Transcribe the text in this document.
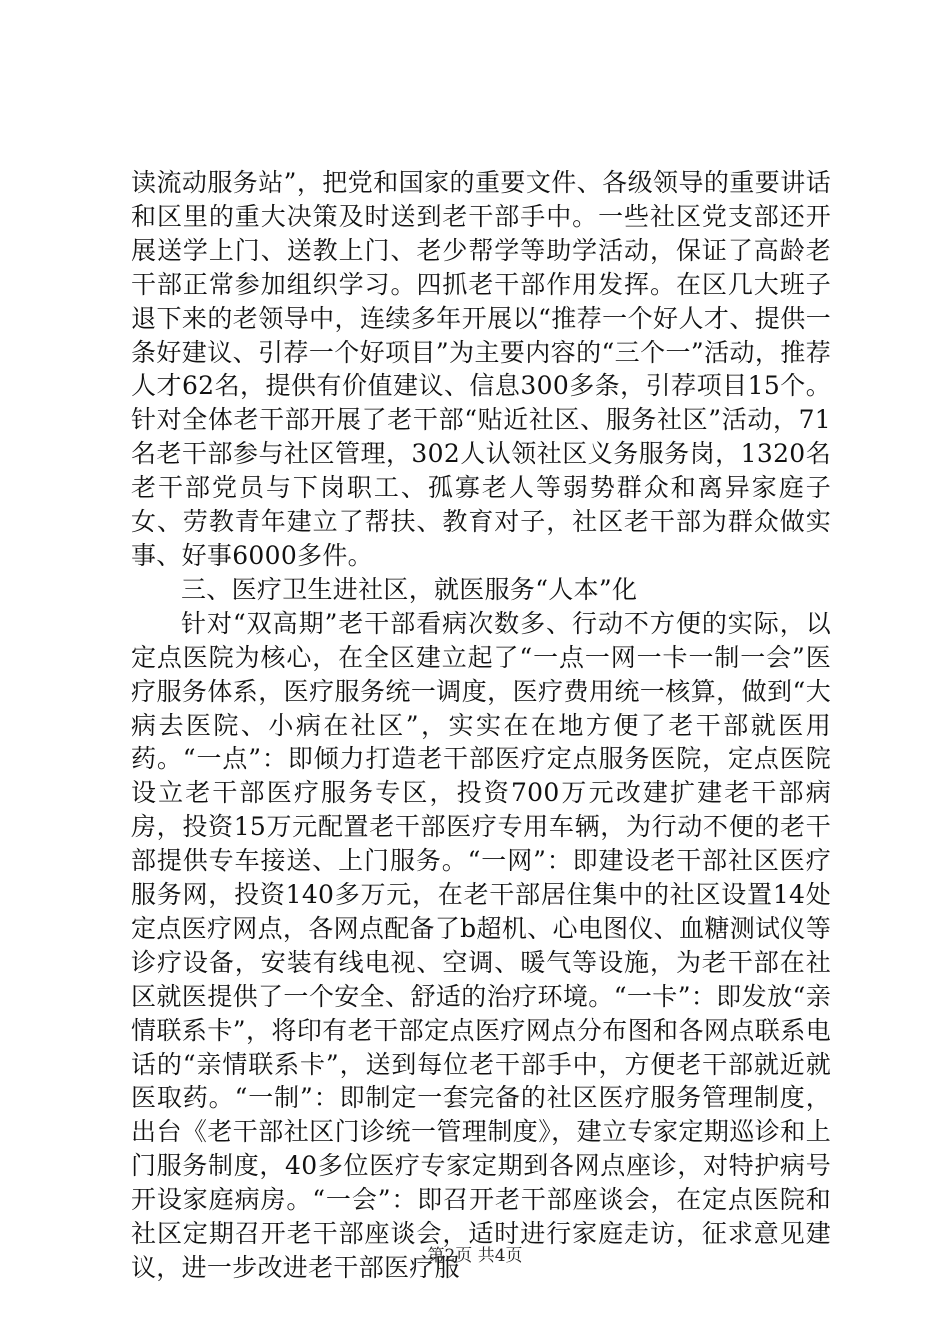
读流动服务站”，把党和国家的重要文件、各级领导的重要讲话和区里的重大决策及时送到老干部手中。一些社区党支部还开展送学上门、送教上门、老少帮学等助学活动，保证了高龄老干部正常参加组织学习。四抓老干部作用发挥。在区几大班子退下来的老领导中，连续多年开展以“推荐一个好人才、提供一条好建议、引荐一个好项目”为主要内容的“三个一”活动，推荐人才62名，提供有价值建议、信息300多条，引荐项目15个。针对全体老干部开展了老干部“贴近社区、服务社区”活动，71名老干部参与社区管理，302人认领社区义务服务岗，1320名老干部党员与下岗职工、孤寡老人等弱势群众和离异家庭子女、劳教青年建立了帮扶、教育对子，社区老干部为群众做实事、好事6000多件。

三、医疗卫生进社区，就医服务“人本”化

针对“双高期”老干部看病次数多、行动不方便的实际，以定点医院为核心，在全区建立起了“一点一网一卡一制一会”医疗服务体系，医疗服务统一调度，医疗费用统一核算，做到“大病去医院、小病在社区”，实实在在地方便了老干部就医用药。“一点”：即倾力打造老干部医疗定点服务医院，定点医院设立老干部医疗服务专区，投资700万元改建扩建老干部病房，投资15万元配置老干部医疗专用车辆，为行动不便的老干部提供专车接送、上门服务。“一网”：即建设老干部社区医疗服务网，投资140多万元，在老干部居住集中的社区设置14处定点医疗网点，各网点配备了b超机、心电图仪、血糖测试仪等诊疗设备，安装有线电视、空调、暖气等设施，为老干部在社区就医提供了一个安全、舒适的治疗环境。“一卡”：即发放“亲情联系卡”，将印有老干部定点医疗网点分布图和各网点联系电话的“亲情联系卡”，送到每位老干部手中，方便老干部就近就医取药。“一制”：即制定一套完备的社区医疗服务管理制度，出台《老干部社区门诊统一管理制度》，建立专家定期巡诊和上门服务制度，40多位医疗专家定期到各网点座诊，对特护病号开设家庭病房。“一会”：即召开老干部座谈会，在定点医院和社区定期召开老干部座谈会，适时进行家庭走访，征求意见建议，进一步改进老干部医疗服

第2页 共4页
